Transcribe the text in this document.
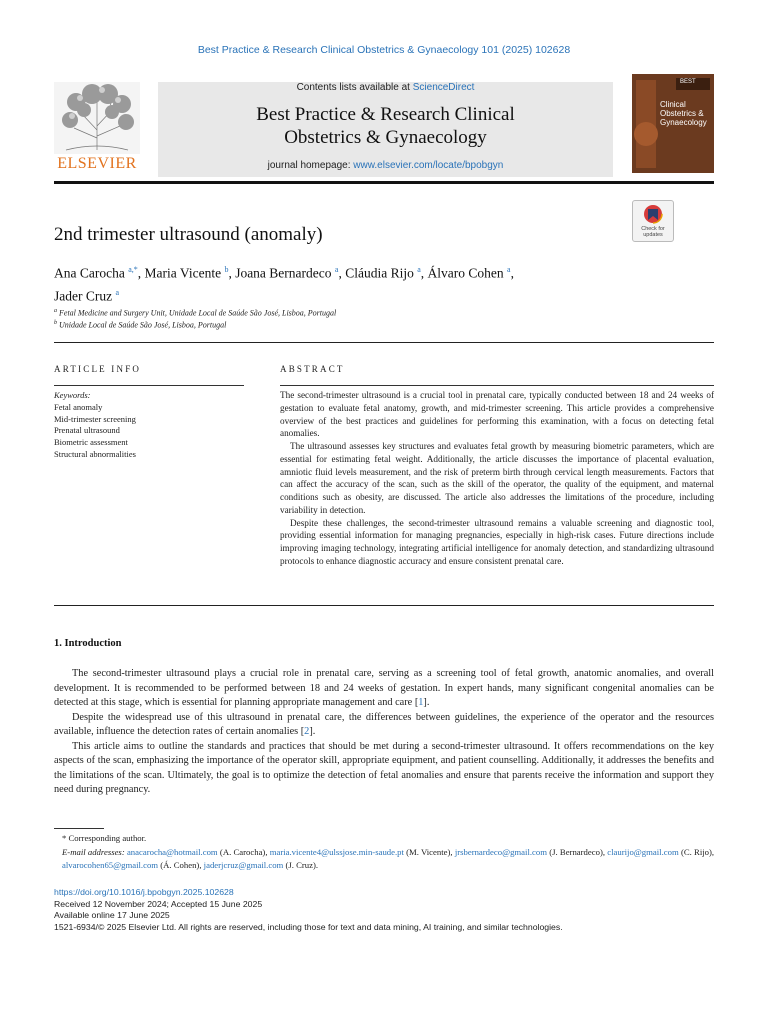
Best Practice & Research Clinical Obstetrics & Gynaecology 101 (2025) 102628
ELSEVIER
Contents lists available at ScienceDirect
Best Practice & Research Clinical
Obstetrics & Gynaecology
journal homepage: www.elsevier.com/locate/bpobgyn
BEST
Clinical Obstetrics & Gynaecology
Check for updates
2nd trimester ultrasound (anomaly)
Ana Carocha $^{a,*}$, Maria Vicente $^b$, Joana Bernardeco $^a$, Cláudia Rijo $^a$, Álvaro Cohen $^a$,
Jader Cruz $^a$
$^a$ Fetal Medicine and Surgery Unit, Unidade Local de Saúde São José, Lisboa, Portugal
$^b$ Unidade Local de Saúde São José, Lisboa, Portugal
ARTICLE INFO
Keywords:
Fetal anomaly
Mid-trimester screening
Prenatal ultrasound
Biometric assessment
Structural abnormalities
ABSTRACT

The second-trimester ultrasound is a crucial tool in prenatal care, typically conducted between 18 and 24 weeks of gestation to evaluate fetal anatomy, growth, and mid-trimester screening. This article provides a comprehensive overview of the best practices and guidelines for performing this examination, with a focus on detecting fetal anomalies.

The ultrasound assesses key structures and evaluates fetal growth by measuring biometric parameters, which are essential for estimating fetal weight. Additionally, the article discusses the importance of placental evaluation, amniotic fluid levels measurement, and the risk of preterm birth through cervical length measurements. Factors that can affect the accuracy of the scan, such as the skill of the operator, the quality of the equipment, and maternal conditions such as obesity, are discussed. The article also addresses the limitations of the procedure, including variability in detection.

Despite these challenges, the second-trimester ultrasound remains a valuable screening and diagnostic tool, providing essential information for managing pregnancies, especially in high-risk cases. Future directions include improving imaging technology, integrating artificial intelligence for anomaly detection, and standardizing ultrasound protocols to enhance diagnostic accuracy and ensure consistent prenatal care.

1. Introduction

The second-trimester ultrasound plays a crucial role in prenatal care, serving as a screening tool of fetal growth, anatomic anomalies, and overall development. It is recommended to be performed between 18 and 24 weeks of gestation. In expert hands, many significant congenital anomalies can be detected at this stage, which is essential for planning appropriate management and care [1].

Despite the widespread use of this ultrasound in prenatal care, the differences between guidelines, the experience of the operator and the resources available, influence the detection rates of certain anomalies [2].

This article aims to outline the standards and practices that should be met during a second-trimester ultrasound. It offers recommendations on the key aspects of the scan, emphasizing the importance of the operator skill, appropriate equipment, and patient counselling. Additionally, it addresses the benefits and the limitations of the scan. Ultimately, the goal is to optimize the detection of fetal anomalies and ensure that parents receive the information and support they need during pregnancy.

* Corresponding author.
E-mail addresses: anacarocha@hotmail.com (A. Carocha), maria.vicente4@ulssjose.min-saude.pt (M. Vicente), jrsbernardeco@gmail.com (J. Bernardeco), claurijo@gmail.com (C. Rijo), alvarocohen65@gmail.com (Á. Cohen), jaderjcruz@gmail.com (J. Cruz).
https://doi.org/10.1016/j.bpobgyn.2025.102628
Received 12 November 2024; Accepted 15 June 2025
Available online 17 June 2025
1521-6934/© 2025 Elsevier Ltd. All rights are reserved, including those for text and data mining, AI training, and similar technologies.
